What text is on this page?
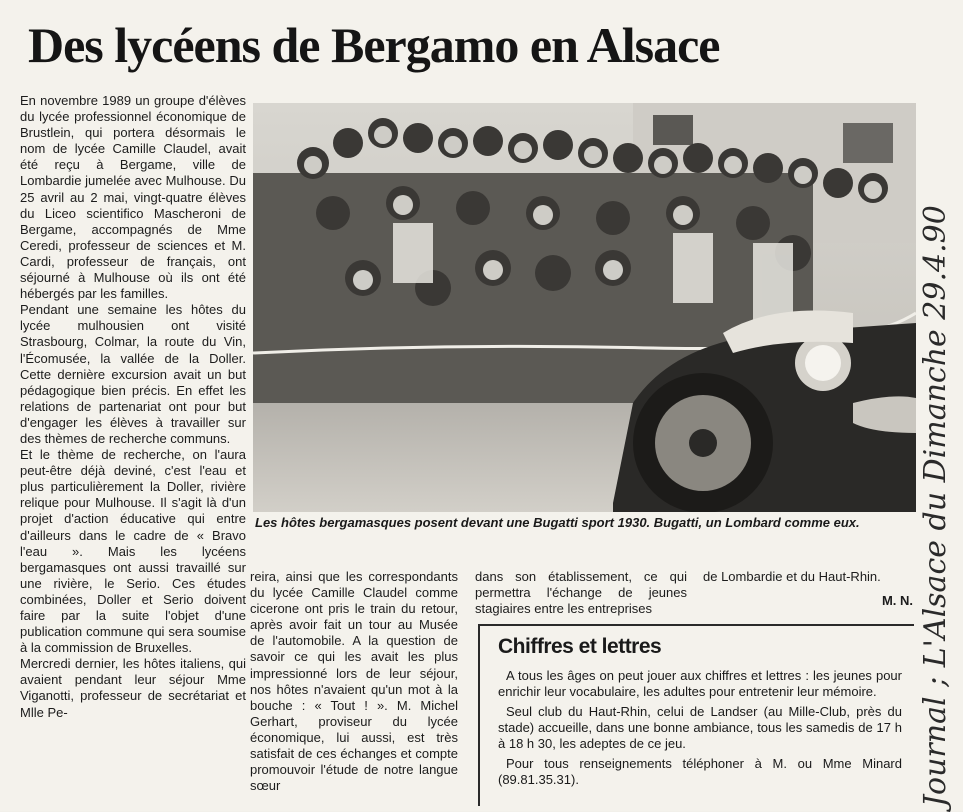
Des lycéens de Bergamo en Alsace

En novembre 1989 un groupe d'élèves du lycée professionnel économique de Brustlein, qui portera désormais le nom de lycée Camille Claudel, avait été reçu à Bergame, ville de Lombardie jumelée avec Mulhouse. Du 25 avril au 2 mai, vingt-quatre élèves du Liceo scientifico Mascheroni de Bergame, accompagnés de Mme Ceredi, professeur de sciences et M. Cardi, professeur de français, ont séjourné à Mulhouse où ils ont été hébergés par les familles.

Pendant une semaine les hôtes du lycée mulhousien ont visité Strasbourg, Colmar, la route du Vin, l'Écomusée, la vallée de la Doller. Cette dernière excursion avait un but pédagogique bien précis. En effet les relations de partenariat ont pour but d'engager les élèves à travailler sur des thèmes de recherche communs.

Et le thème de recherche, on l'aura peut-être déjà deviné, c'est l'eau et plus particulièrement la Doller, rivière relique pour Mulhouse. Il s'agit là d'un projet d'action éducative qui entre d'ailleurs dans le cadre de « Bravo l'eau ». Mais les lycéens bergamasques ont aussi travaillé sur une rivière, le Serio. Ces études combinées, Doller et Serio doivent faire par la suite l'objet d'une publication commune qui sera soumise à la commission de Bruxelles.

Mercredi dernier, les hôtes italiens, qui avaient pendant leur séjour Mme Viganotti, professeur de secrétariat et Mlle Pe-

Les hôtes bergamasques posent devant une Bugatti sport 1930. Bugatti, un Lombard comme eux.
reira, ainsi que les correspondants du lycée Camille Claudel comme cicerone ont pris le train du retour, après avoir fait un tour au Musée de l'automobile. A la question de savoir ce qui les avait les plus impressionné lors de leur séjour, nos hôtes n'avaient qu'un mot à la bouche : « Tout ! ». M. Michel Gerhart, proviseur du lycée économique, lui aussi, est très satisfait de ces échanges et compte promouvoir l'étude de notre langue sœur
dans son établissement, ce qui permettra l'échange de jeunes stagiaires entre les entreprises
de Lombardie et du Haut-Rhin.
M. N.
Chiffres et lettres

A tous les âges on peut jouer aux chiffres et lettres : les jeunes pour enrichir leur vocabulaire, les adultes pour entretenir leur mémoire.

Seul club du Haut-Rhin, celui de Landser (au Mille-Club, près du stade) accueille, dans une bonne ambiance, tous les samedis de 17 h à 18 h 30, les adeptes de ce jeu.

Pour tous renseignements téléphoner à M. ou Mme Minard (89.81.35.31).	Journal ; L'Alsace du Dimanche 29.4.90
